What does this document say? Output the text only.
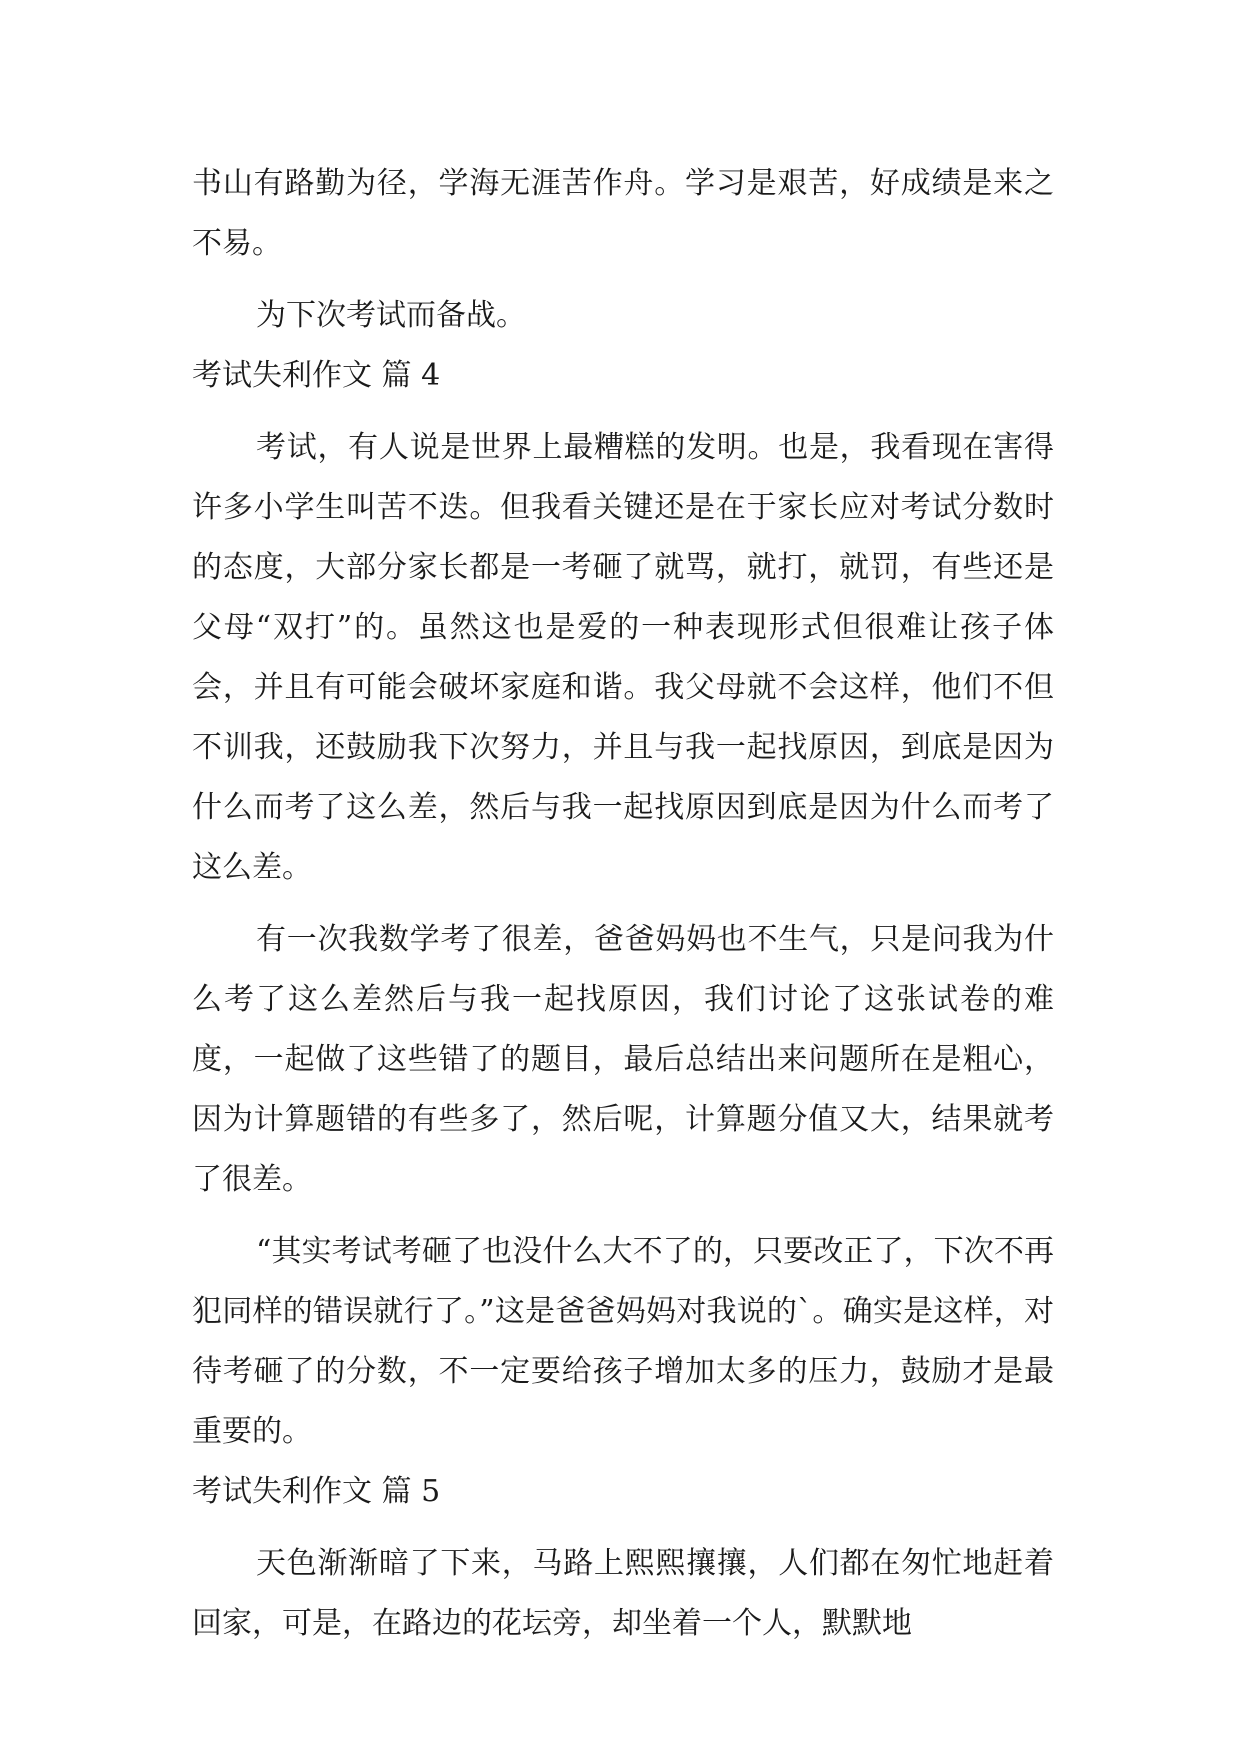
书山有路勤为径，学海无涯苦作舟。学习是艰苦，好成绩是来之不易。

为下次考试而备战。

考试失利作文 篇 4

考试，有人说是世界上最糟糕的发明。也是，我看现在害得许多小学生叫苦不迭。但我看关键还是在于家长应对考试分数时的态度，大部分家长都是一考砸了就骂，就打，就罚，有些还是父母“双打”的。虽然这也是爱的一种表现形式但很难让孩子体会，并且有可能会破坏家庭和谐。我父母就不会这样，他们不但不训我，还鼓励我下次努力，并且与我一起找原因，到底是因为什么而考了这么差，然后与我一起找原因到底是因为什么而考了这么差。

有一次我数学考了很差，爸爸妈妈也不生气，只是问我为什么考了这么差然后与我一起找原因，我们讨论了这张试卷的难度，一起做了这些错了的题目，最后总结出来问题所在是粗心，因为计算题错的有些多了，然后呢，计算题分值又大，结果就考了很差。

“其实考试考砸了也没什么大不了的，只要改正了，下次不再犯同样的错误就行了。”这是爸爸妈妈对我说的`。确实是这样，对待考砸了的分数，不一定要给孩子增加太多的压力，鼓励才是最重要的。

考试失利作文 篇 5

天色渐渐暗了下来，马路上熙熙攘攘，人们都在匆忙地赶着回家，可是，在路边的花坛旁，却坐着一个人，默默地
